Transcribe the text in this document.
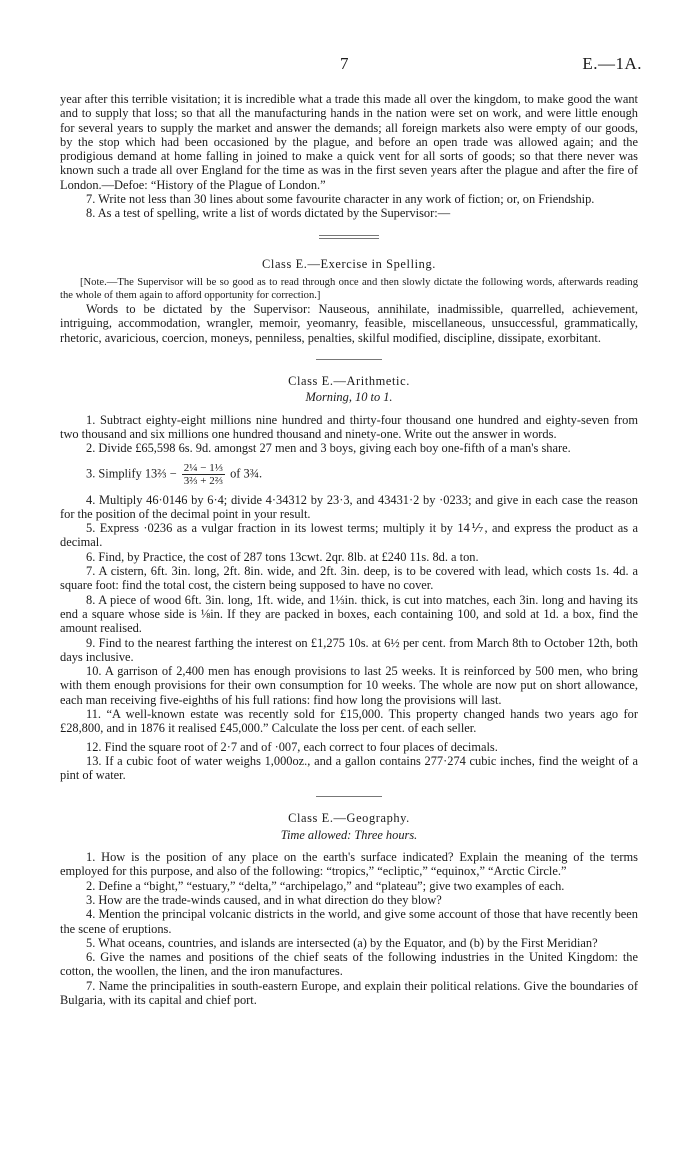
7	E.—1A.

year after this terrible visitation; it is incredible what a trade this made all over the kingdom, to make good the want and to supply that loss; so that all the manufacturing hands in the nation were set on work, and were little enough for several years to supply the market and answer the demands; all foreign markets also were empty of our goods, by the stop which had been occasioned by the plague, and before an open trade was allowed again; and the prodigious demand at home falling in joined to make a quick vent for all sorts of goods; so that there never was known such a trade all over England for the time as was in the first seven years after the plague and after the fire of London.—Defoe: “History of the Plague of London.”

7. Write not less than 30 lines about some favourite character in any work of fiction; or, on Friendship.

8. As a test of spelling, write a list of words dictated by the Supervisor:—

Class E.—Exercise in Spelling.

[Note.—The Supervisor will be so good as to read through once and then slowly dictate the following words, afterwards reading the whole of them again to afford opportunity for correction.]

Words to be dictated by the Supervisor: Nauseous, annihilate, inadmissible, quarrelled, achievement, intriguing, accommodation, wrangler, memoir, yeomanry, feasible, miscellaneous, unsuccessful, grammatically, rhetoric, avaricious, coercion, moneys, penniless, penalties, skilful modified, discipline, dissipate, exorbitant.

Class E.—Arithmetic.

Morning, 10 to 1.

1. Subtract eighty-eight millions nine hundred and thirty-four thousand one hundred and eighty-seven from two thousand and six millions one hundred thousand and ninety-one. Write out the answer in words.

2. Divide £65,598 6s. 9d. amongst 27 men and 3 boys, giving each boy one-fifth of a man's share.

3. Simplify 13⅔ − $\frac{\text{2¼ − 1⅓}}{\text{3⅔ + 2⅔}}$ of 3¾.

4. Multiply 46·0146 by 6·4; divide 4·34312 by 23·3, and 43431·2 by ·0233; and give in each case the reason for the position of the decimal point in your result.

5. Express ·0236 as a vulgar fraction in its lowest terms; multiply it by 14⅐, and express the product as a decimal.

6. Find, by Practice, the cost of 287 tons 13cwt. 2qr. 8lb. at £240 11s. 8d. a ton.

7. A cistern, 6ft. 3in. long, 2ft. 8in. wide, and 2ft. 3in. deep, is to be covered with lead, which costs 1s. 4d. a square foot: find the total cost, the cistern being supposed to have no cover.

8. A piece of wood 6ft. 3in. long, 1ft. wide, and 1⅓in. thick, is cut into matches, each 3in. long and having its end a square whose side is ⅛in. If they are packed in boxes, each containing 100, and sold at 1d. a box, find the amount realised.

9. Find to the nearest farthing the interest on £1,275 10s. at 6½ per cent. from March 8th to October 12th, both days inclusive.

10. A garrison of 2,400 men has enough provisions to last 25 weeks. It is reinforced by 500 men, who bring with them enough provisions for their own consumption for 10 weeks. The whole are now put on short allowance, each man receiving five-eighths of his full rations: find how long the provisions will last.

11. “A well-known estate was recently sold for £15,000. This property changed hands two years ago for £28,800, and in 1876 it realised £45,000.” Calculate the loss per cent. of each seller.

12. Find the square root of 2·7 and of ·007, each correct to four places of decimals.

13. If a cubic foot of water weighs 1,000oz., and a gallon contains 277·274 cubic inches, find the weight of a pint of water.

Class E.—Geography.

Time allowed: Three hours.

1. How is the position of any place on the earth's surface indicated? Explain the meaning of the terms employed for this purpose, and also of the following: “tropics,” “ecliptic,” “equinox,” “Arctic Circle.”

2. Define a “bight,” “estuary,” “delta,” “archipelago,” and “plateau”; give two examples of each.

3. How are the trade-winds caused, and in what direction do they blow?

4. Mention the principal volcanic districts in the world, and give some account of those that have recently been the scene of eruptions.

5. What oceans, countries, and islands are intersected (a) by the Equator, and (b) by the First Meridian?

6. Give the names and positions of the chief seats of the following industries in the United Kingdom: the cotton, the woollen, the linen, and the iron manufactures.

7. Name the principalities in south-eastern Europe, and explain their political relations. Give the boundaries of Bulgaria, with its capital and chief port.
